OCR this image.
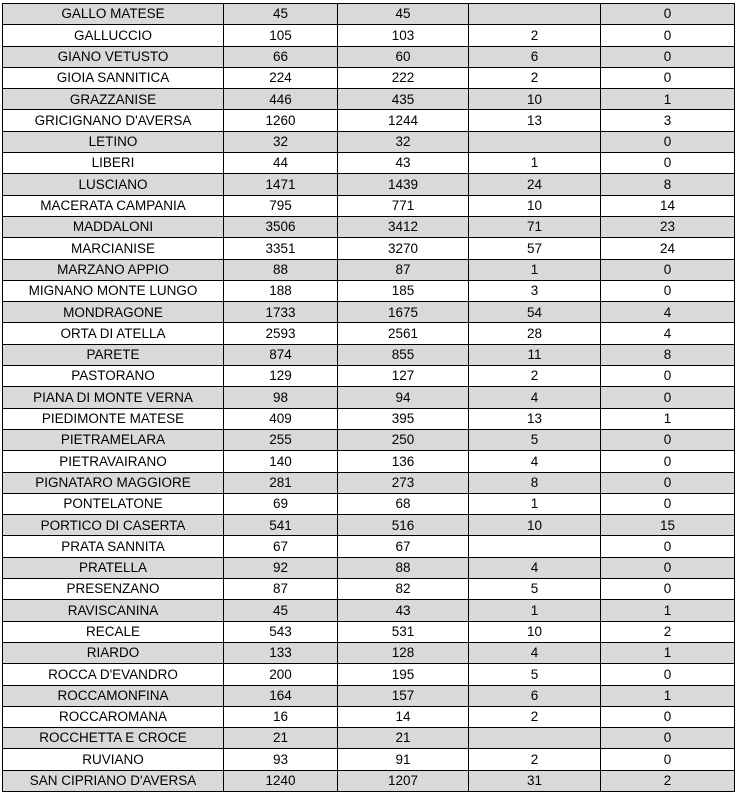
GALLO MATESE	45	45		0
GALLUCCIO	105	103	2	0
GIANO VETUSTO	66	60	6	0
GIOIA SANNITICA	224	222	2	0
GRAZZANISE	446	435	10	1
GRICIGNANO D'AVERSA	1260	1244	13	3
LETINO	32	32		0
LIBERI	44	43	1	0
LUSCIANO	1471	1439	24	8
MACERATA CAMPANIA	795	771	10	14
MADDALONI	3506	3412	71	23
MARCIANISE	3351	3270	57	24
MARZANO APPIO	88	87	1	0
MIGNANO MONTE LUNGO	188	185	3	0
MONDRAGONE	1733	1675	54	4
ORTA DI ATELLA	2593	2561	28	4
PARETE	874	855	11	8
PASTORANO	129	127	2	0
PIANA DI MONTE VERNA	98	94	4	0
PIEDIMONTE MATESE	409	395	13	1
PIETRAMELARA	255	250	5	0
PIETRAVAIRANO	140	136	4	0
PIGNATARO MAGGIORE	281	273	8	0
PONTELATONE	69	68	1	0
PORTICO DI CASERTA	541	516	10	15
PRATA SANNITA	67	67		0
PRATELLA	92	88	4	0
PRESENZANO	87	82	5	0
RAVISCANINA	45	43	1	1
RECALE	543	531	10	2
RIARDO	133	128	4	1
ROCCA D'EVANDRO	200	195	5	0
ROCCAMONFINA	164	157	6	1
ROCCAROMANA	16	14	2	0
ROCCHETTA E CROCE	21	21		0
RUVIANO	93	91	2	0
SAN CIPRIANO D'AVERSA	1240	1207	31	2
